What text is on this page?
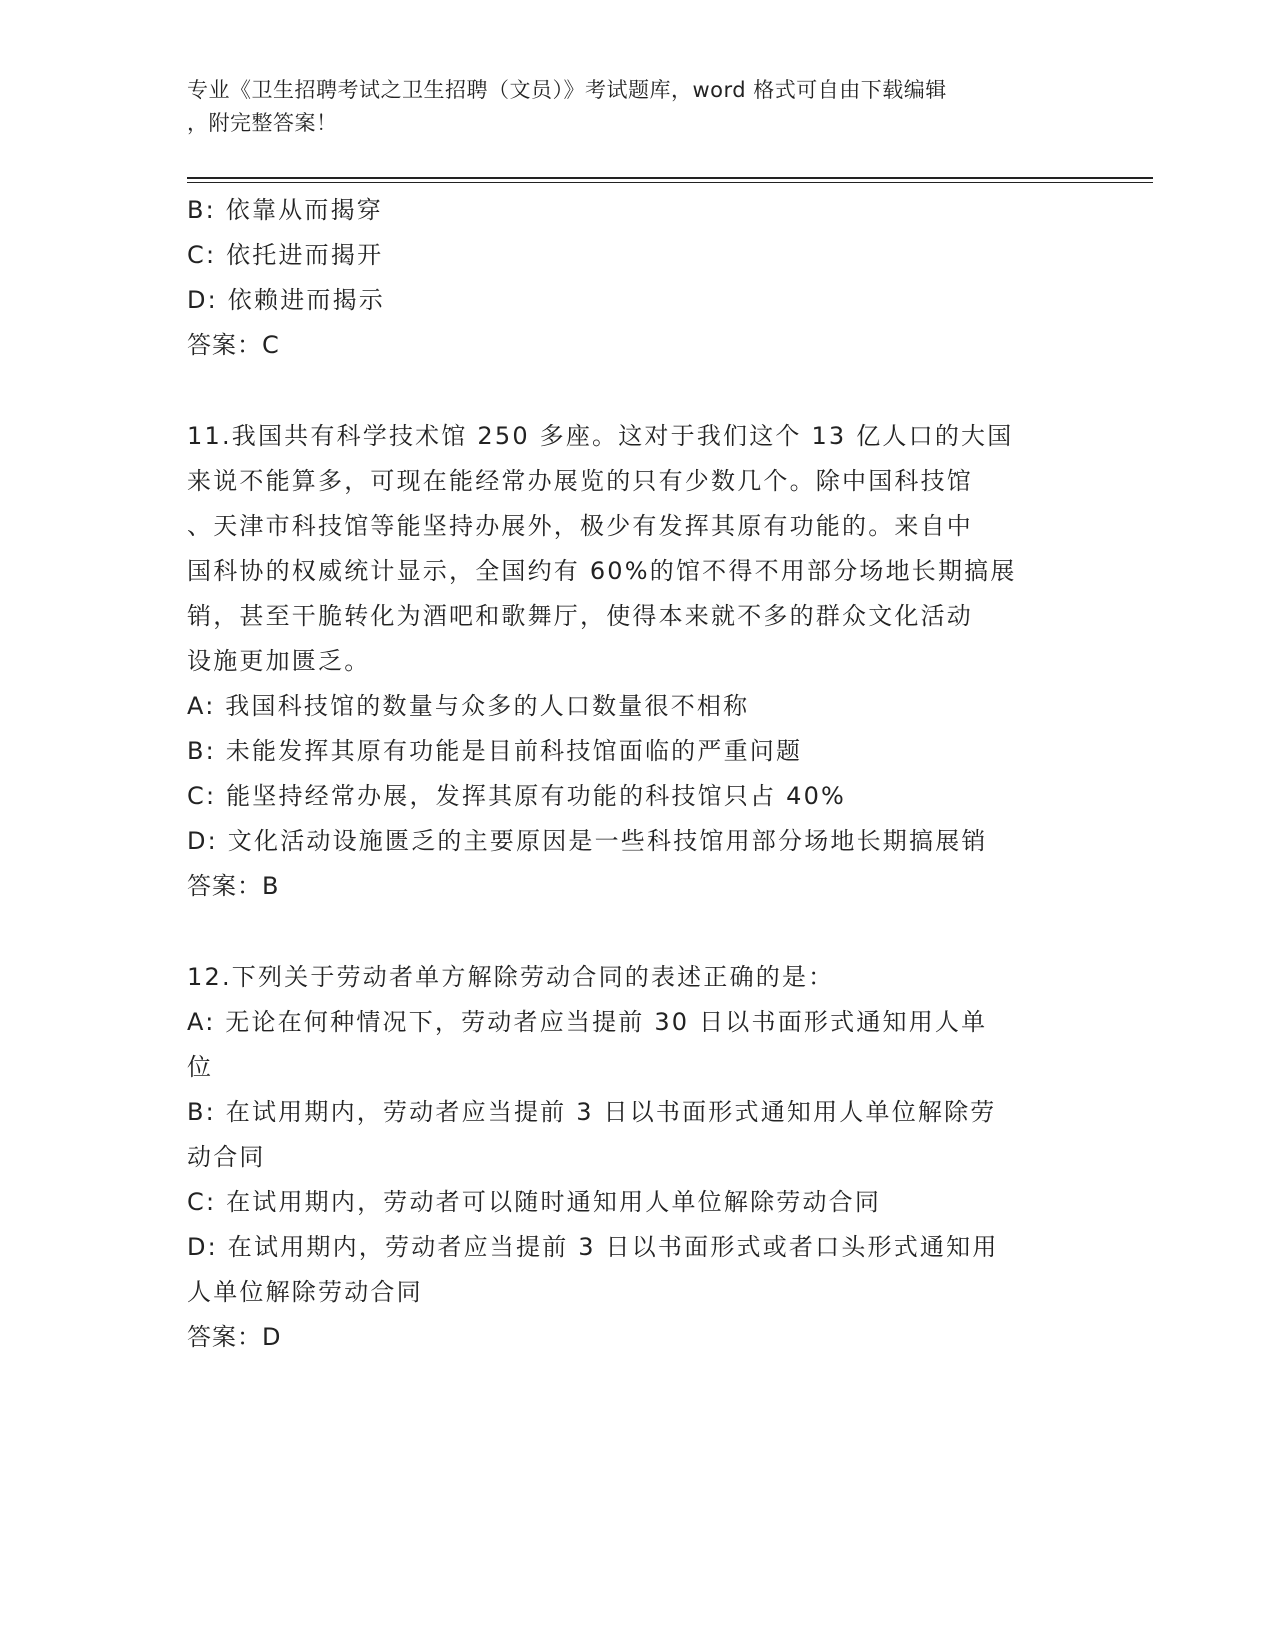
专业《卫生招聘考试之卫生招聘（文员）》考试题库，word 格式可自由下载编辑
，附完整答案！

B: 依靠从而揭穿

C: 依托进而揭开

D: 依赖进而揭示

答案：C

11.我国共有科学技术馆 250 多座。这对于我们这个 13 亿人口的大国

来说不能算多，可现在能经常办展览的只有少数几个。除中国科技馆

、天津市科技馆等能坚持办展外，极少有发挥其原有功能的。来自中

国科协的权威统计显示，全国约有 60%的馆不得不用部分场地长期搞展

销，甚至干脆转化为酒吧和歌舞厅，使得本来就不多的群众文化活动

设施更加匮乏。

A: 我国科技馆的数量与众多的人口数量很不相称

B: 未能发挥其原有功能是目前科技馆面临的严重问题

C: 能坚持经常办展，发挥其原有功能的科技馆只占 40%

D: 文化活动设施匮乏的主要原因是一些科技馆用部分场地长期搞展销

答案：B

12.下列关于劳动者单方解除劳动合同的表述正确的是：

A: 无论在何种情况下，劳动者应当提前 30 日以书面形式通知用人单

位

B: 在试用期内，劳动者应当提前 3 日以书面形式通知用人单位解除劳

动合同

C: 在试用期内，劳动者可以随时通知用人单位解除劳动合同

D: 在试用期内，劳动者应当提前 3 日以书面形式或者口头形式通知用

人单位解除劳动合同

答案：D
